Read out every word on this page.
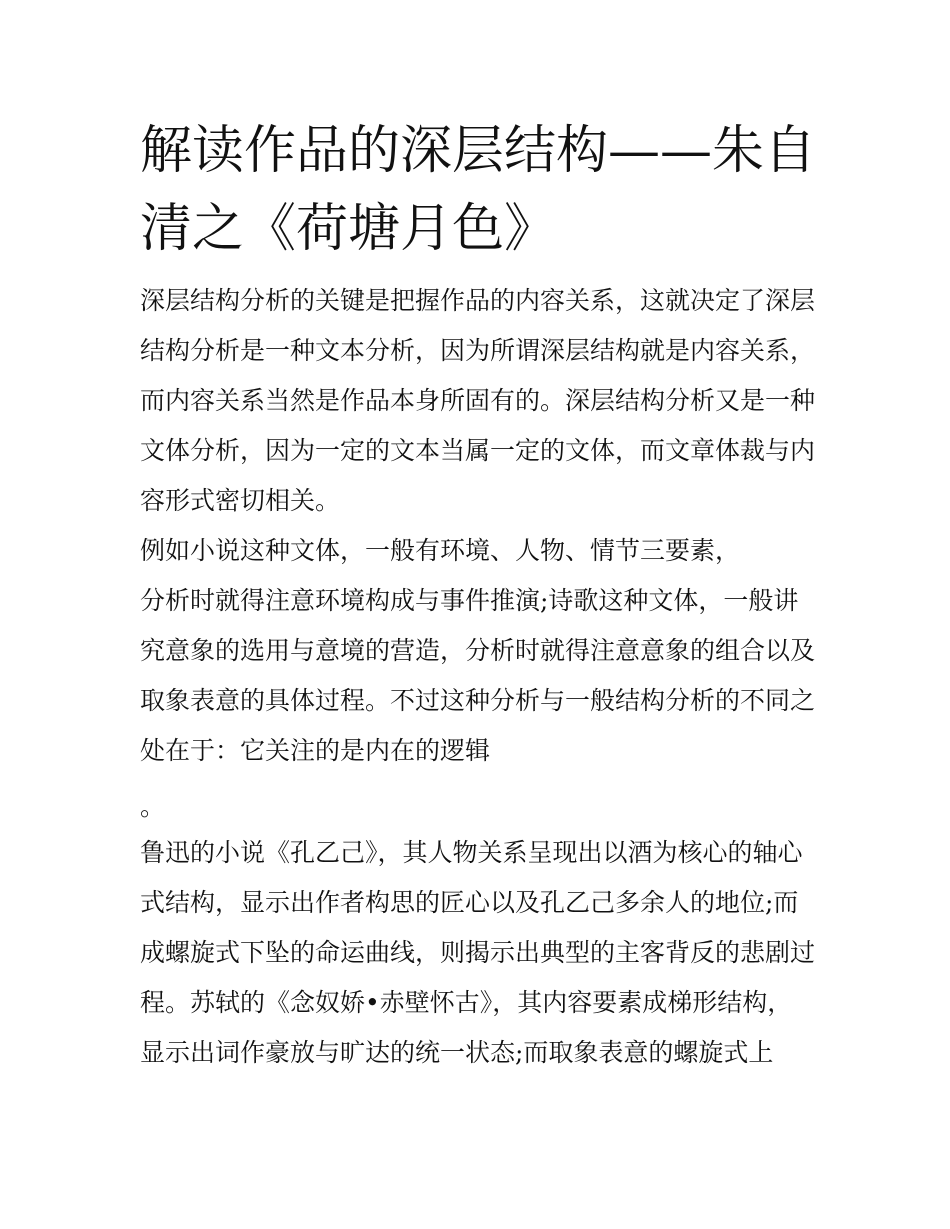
解读作品的深层结构——朱自
清之《荷塘月色》

深层结构分析的关键是把握作品的内容关系，这就决定了深层

结构分析是一种文本分析，因为所谓深层结构就是内容关系，

而内容关系当然是作品本身所固有的。深层结构分析又是一种

文体分析，因为一定的文本当属一定的文体，而文章体裁与内

容形式密切相关。

例如小说这种文体，一般有环境、人物、情节三要素，

分析时就得注意环境构成与事件推演;诗歌这种文体，一般讲

究意象的选用与意境的营造，分析时就得注意意象的组合以及

取象表意的具体过程。不过这种分析与一般结构分析的不同之

处在于：它关注的是内在的逻辑

。

鲁迅的小说《孔乙己》，其人物关系呈现出以酒为核心的轴心

式结构，显示出作者构思的匠心以及孔乙己多余人的地位;而

成螺旋式下坠的命运曲线，则揭示出典型的主客背反的悲剧过

程。苏轼的《念奴娇•赤壁怀古》，其内容要素成梯形结构，

显示出词作豪放与旷达的统一状态;而取象表意的螺旋式上
